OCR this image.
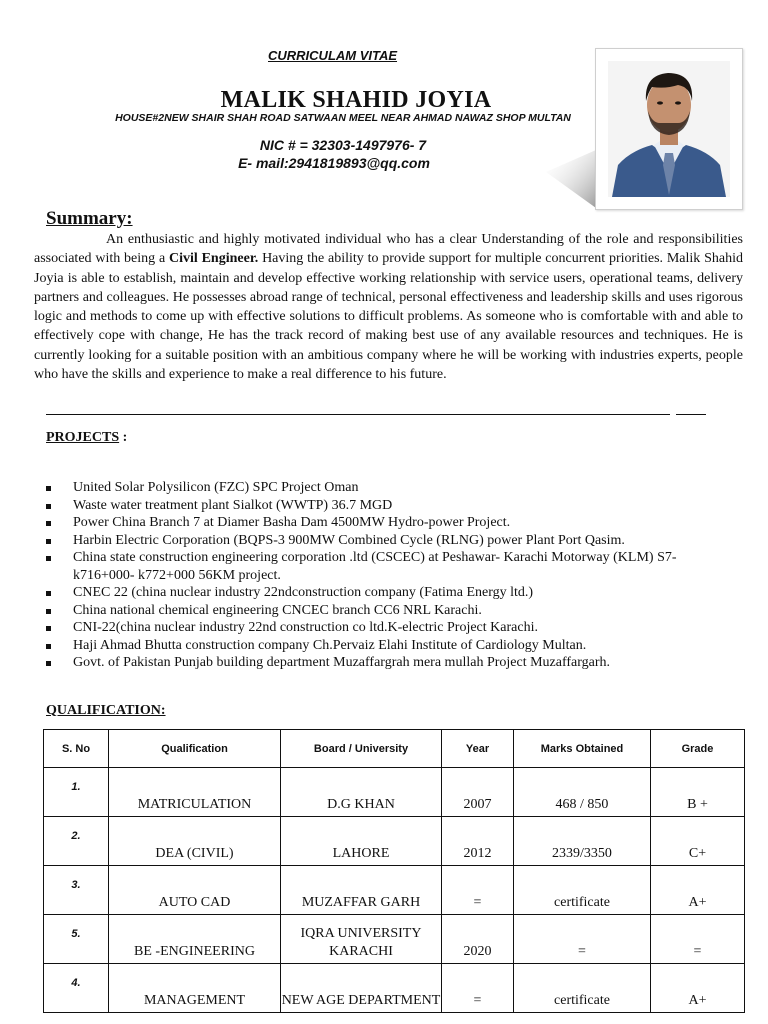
CURRICULAM VITAE
MALIK SHAHID JOYIA
HOUSE#2NEW SHAIR SHAH ROAD SATWAAN MEEL NEAR AHMAD NAWAZ SHOP MULTAN
NIC # = 32303-1497976- 7
E- mail:2941819893@qq.com
Summary:

An enthusiastic and highly motivated individual who has a clear Understanding of the role and responsibilities associated with being a Civil Engineer. Having the ability to provide support for multiple concurrent priorities. Malik Shahid Joyia is able to establish, maintain and develop effective working relationship with service users, operational teams, delivery partners and colleagues. He possesses abroad range of technical, personal effectiveness and leadership skills and uses rigorous logic and methods to come up with effective solutions to difficult problems. As someone who is comfortable with and able to effectively cope with change, He has the track record of making best use of any available resources and techniques. He is currently looking for a suitable position with an ambitious company where he will be working with industries experts, people who have the skills and experience to make a real difference to his future.

PROJECTS :
United Solar Polysilicon (FZC) SPC Project Oman
Waste water treatment plant Sialkot (WWTP) 36.7 MGD
Power China Branch 7 at Diamer Basha Dam 4500MW Hydro-power Project.
Harbin Electric Corporation (BQPS-3 900MW Combined Cycle (RLNG) power Plant Port Qasim.
China state construction engineering corporation .ltd (CSCEC) at Peshawar- Karachi Motorway (KLM) S7-k716+000- k772+000 56KM project.
CNEC 22 (china nuclear industry 22ndconstruction company (Fatima Energy ltd.)
China national chemical engineering CNCEC branch CC6 NRL Karachi.
CNI-22(china nuclear industry 22nd construction co ltd.K-electric Project Karachi.
Haji Ahmad Bhutta construction company Ch.Pervaiz Elahi Institute of Cardiology Multan.
Govt. of Pakistan Punjab building department Muzaffargrah mera mullah Project Muzaffargarh.
QUALIFICATION:
S. No	Qualification	Board / University	Year	Marks Obtained	Grade
1.	MATRICULATION	D.G KHAN	2007	468 / 850	B +
2.	DEA (CIVIL)	LAHORE	2012	2339/3350	C+
3.	AUTO CAD	MUZAFFAR GARH	=	certificate	A+
5.	BE -ENGINEERING	IQRA UNIVERSITY KARACHI	2020	=	=
4.	MANAGEMENT	NEW AGE DEPARTMENT	=	certificate	A+
